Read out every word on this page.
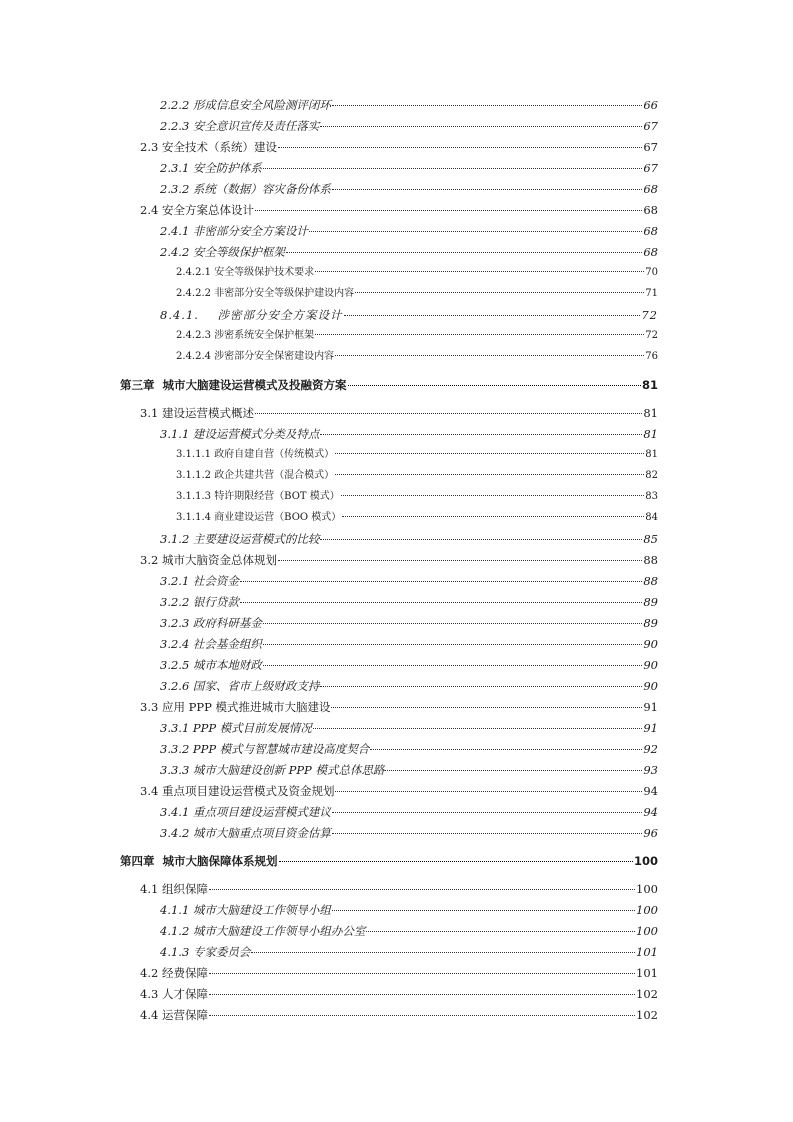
2.2.2 形成信息安全风险测评闭环	66
2.2.3 安全意识宣传及责任落实	67
2.3 安全技术（系统）建设	67
2.3.1 安全防护体系	67
2.3.2 系统（数据）容灾备份体系	68
2.4 安全方案总体设计	68
2.4.1 非密部分安全方案设计	68
2.4.2 安全等级保护框架	68
2.4.2.1 安全等级保护技术要求	70
2.4.2.2 非密部分安全等级保护建设内容	71
8.4.1. 涉密部分安全方案设计	72
2.4.2.3 涉密系统安全保护框架	72
2.4.2.4 涉密部分安全保密建设内容	76
第三章 城市大脑建设运营模式及投融资方案	81
3.1 建设运营模式概述	81
3.1.1 建设运营模式分类及特点	81
3.1.1.1 政府自建自营（传统模式）	81
3.1.1.2 政企共建共营（混合模式）	82
3.1.1.3 特许期限经营（BOT 模式）	83
3.1.1.4 商业建设运营（BOO 模式）	84
3.1.2 主要建设运营模式的比较	85
3.2 城市大脑资金总体规划	88
3.2.1 社会资金	88
3.2.2 银行贷款	89
3.2.3 政府科研基金	89
3.2.4 社会基金组织	90
3.2.5 城市本地财政	90
3.2.6 国家、省市上级财政支持	90
3.3 应用 PPP 模式推进城市大脑建设	91
3.3.1 PPP 模式目前发展情况	91
3.3.2 PPP 模式与智慧城市建设高度契合	92
3.3.3 城市大脑建设创新 PPP 模式总体思路	93
3.4 重点项目建设运营模式及资金规划	94
3.4.1 重点项目建设运营模式建议	94
3.4.2 城市大脑重点项目资金估算	96
第四章 城市大脑保障体系规划	100
4.1 组织保障	100
4.1.1 城市大脑建设工作领导小组	100
4.1.2 城市大脑建设工作领导小组办公室	100
4.1.3 专家委员会	101
4.2 经费保障	101
4.3 人才保障	102
4.4 运营保障	102
